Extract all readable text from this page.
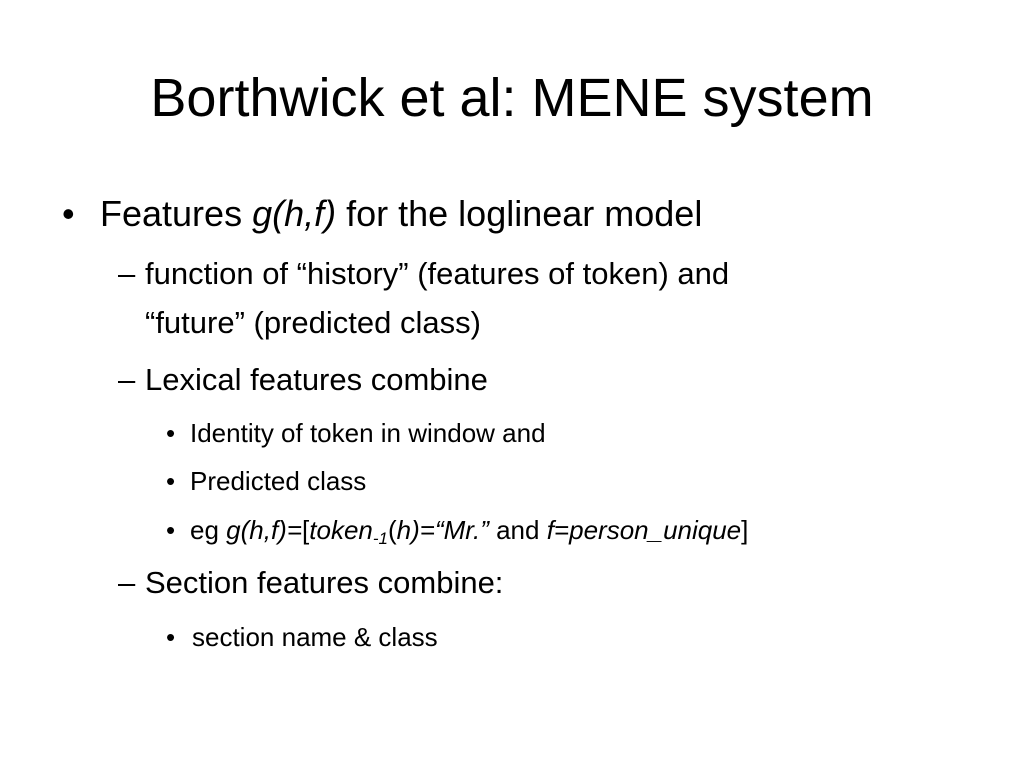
Borthwick et al: MENE system
• Features g(h,f) for the loglinear model
– function of “history” (features of token) and
“future” (predicted class)
– Lexical features combine
• Identity of token in window and
• Predicted class
• eg g(h,f)=[token$_{-1}$(h)=“Mr.” and f=person_unique]
– Section features combine:
• section name & class
